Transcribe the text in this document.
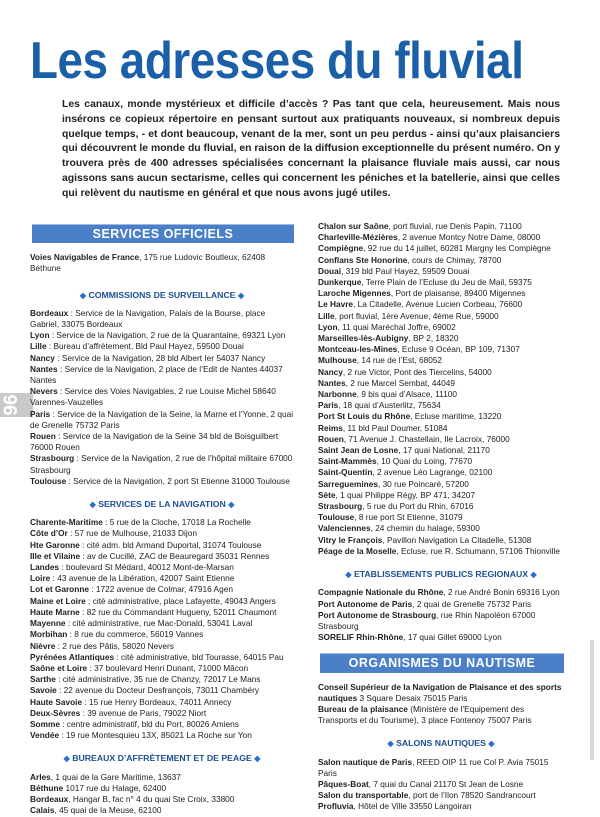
Les adresses du fluvial
Les canaux, monde mystérieux et difficile d’accès ? Pas tant que cela, heureusement. Mais nous insérons ce copieux répertoire en pensant surtout aux pratiquants nouveaux, si nombreux depuis quelque temps, - et dont beaucoup, venant de la mer, sont un peu perdus - ainsi qu’aux plaisanciers qui découvrent le monde du fluvial, en raison de la diffusion exceptionnelle du présent numéro. On y trouvera près de 400 adresses spécialisées concernant la plaisance fluviale mais aussi, car nous agissons sans aucun sectarisme, celles qui concernent les péniches et la batellerie, ainsi que celles qui relèvent du nautisme en général et que nous avons jugé utiles.
96
SERVICES OFFICIELS
Voies Navigables de France, 175 rue Ludovic Boutleux, 62408 Béthune
◆ COMMISSIONS DE SURVEILLANCE ◆
Bordeaux : Service de la Navigation, Palais de la Bourse, place Gabriel, 33075 Bordeaux
Lyon : Service de la Navigation, 2 rue de la Quarantaine, 69321 Lyon
Lille : Bureau d’affrètement, Bld Paul Hayez, 59500 Douai
Nancy : Service de la Navigation, 28 bld Albert Ier 54037 Nancy
Nantes : Service de la Navigation, 2 place de l’Edit de Nantes 44037 Nantes
Nevers : Service des Voies Navigables, 2 rue Louise Michel 58640 Varennes-Vauzelles
Paris : Service de la Navigation de la Seine, la Marne et l’Yonne, 2 quai de Grenelle 75732 Paris
Rouen : Service de la Navigation de la Seine 34 bld de Boisguilbert 76000 Rouen
Strasbourg : Service de la Navigation, 2 rue de l’hôpital militaire 67000 Strasbourg
Toulouse : Service de la Navigation, 2 port St Etienne 31000 Toulouse
◆ SERVICES DE LA NAVIGATION ◆
Charente-Maritime : 5 rue de la Cloche, 17018 La Rochelle
Côte d’Or : 57 rue de Mulhouse, 21033 Dijon
Hte Garonne : cité adm. bld Armand Duportal, 31074 Toulouse
Ille et Vilaine : av de Cucillé, ZAC de Beauregard 35031 Rennes
Landes : boulevard St Médard, 40012 Mont-de-Marsan
Loire : 43 avenue de la Libération, 42007 Saint Etienne
Lot et Garonne : 1722 avenue de Colmar, 47916 Agen
Maine et Loire : cité administrative, place Lafayette, 49043 Angers
Haute Marne : 82 rue du Commandant Hugueny, 52011 Chaumont
Mayenne : cité administrative, rue Mac-Donald, 53041 Laval
Morbihan : 8 rue du commerce, 56019 Vannes
Nièvre : 2 rue des Pâtis, 58020 Nevers
Pyrénées Atlantiques : cité administrative, bld Tourasse, 64015 Pau
Saône et Loire : 37 boulevard Henri Dunant, 71000 Mâcon
Sarthe : cité administrative, 35 rue de Chanzy, 72017 Le Mans
Savoie : 22 avenue du Docteur Desfrançois, 73011 Chambéry
Haute Savoie : 15 rue Henry Bordeaux, 74011 Annecy
Deux-Sèvres : 39 avenue de Paris, 79022 Niort
Somme : centre administratif, bld du Port, 80026 Amiens
Vendée : 19 rue Montesquieu 13X, 85021 La Roche sur Yon
◆ BUREAUX D’AFFRÈTEMENT ET DE PEAGE ◆
Arles, 1 quai de la Gare Maritime, 13637
Béthune 1017 rue du Halage, 62400
Bordeaux, Hangar B, fac n° 4 du quai Ste Croix, 33800
Calais, 45 quai de la Meuse, 62100
Chalon sur Saône, port fluvial, rue Denis Papin, 71100
Charleville-Mézières, 2 avenue Montcy Notre Dame, 08000
Compiègne, 92 rue du 14 juillet, 60281 Margny les Compiègne
Conflans Ste Honorine, cours de Chimay, 78700
Douai, 319 bld Paul Hayez, 59509 Douai
Dunkerque, Terre Plain de l’Ecluse du Jeu de Mail, 59375
Laroche Migennes, Port de plaisanse, 89400 Migennes
Le Havre, La Citadelle, Avenue Lucien Corbeau, 76600
Lille, port fluvial, 1ère Avenue, 4ème Rue, 59000
Lyon, 11 quai Maréchal Joffre, 69002
Marseilles-lès-Aubigny, BP 2, 18320
Montceau-les-Mines, Ecluse 9 Océan, BP 109, 71307
Mulhouse, 14 rue de l’Est, 68052
Nancy, 2 rue Victor, Pont des Tiercelins, 54000
Nantes, 2 rue Marcel Sembat, 44049
Narbonne, 9 bis quai d’Alsace, 11100
Paris, 18 quai d’Austerlitz, 75634
Port St Louis du Rhône, Ecluse maritime, 13220
Reims, 11 bld Paul Doumer, 51084
Rouen, 71 Avenue J. Chastellain, Ile Lacroix, 76000
Saint Jean de Losne, 17 quai National, 21170
Saint-Mammès, 10 Quai du Loing, 77670
Saint-Quentin, 2 avenue Léo Lagrange, 02100
Sarreguemines, 30 rue Poincaré, 57200
Sète, 1 quai Philippe Régy, BP 471, 34207
Strasbourg, 5 rue du Port du Rhin, 67016
Toulouse, 8 rue port St Etienne, 31079
Valenciennes, 24 chemin du halage, 59300
Vitry le François, Pavillon Navigation La Citadelle, 51308
Péage de la Moselle, Ecluse, rue R. Schumann, 57106 Thionville
◆ ETABLISSEMENTS PUBLICS REGIONAUX ◆
Compagnie Nationale du Rhône, 2 rue André Bonin 69316 Lyon
Port Autonome de Paris, 2 quai de Grenelle 75732 Paris
Port Autonome de Strasbourg, rue Rhin Napoléon 67000 Strasbourg
SORELIF Rhin-Rhône, 17 quai Gillet 69000 Lyon
ORGANISMES DU NAUTISME
Conseil Supérieur de la Navigation de Plaisance et des sports nautiques 3 Square Desaix 75015 Paris
Bureau de la plaisance (Ministère de l’Equipement des Transports et du Tourisme), 3 place Fontenoy 75007 Paris
◆ SALONS NAUTIQUES ◆
Salon nautique de Paris, REED OIP 11 rue Col P. Avia 75015 Paris
Pâques-Boat, 7 quai du Canal 21170 St Jean de Losne
Salon du transportable, port de l’Ilon 78520 Sandrancourt
Profluvia, Hôtel de Ville 33550 Langoiran
